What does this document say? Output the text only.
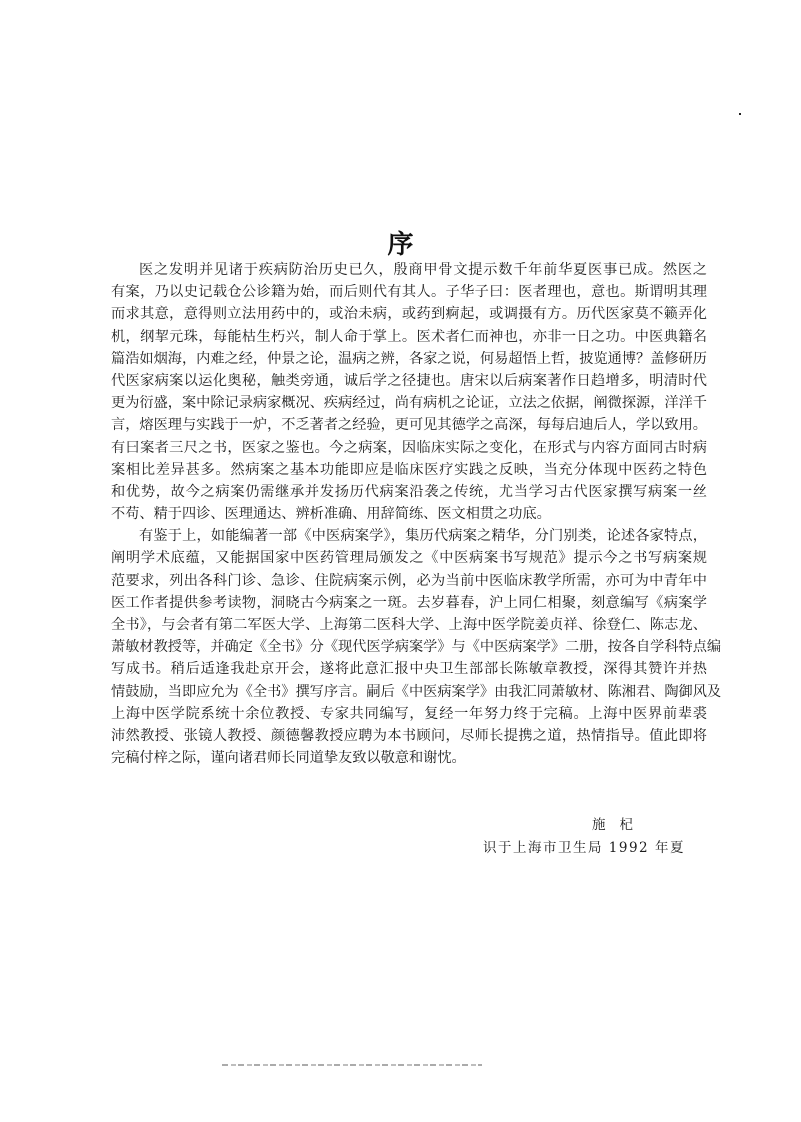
序
医之发明并见诸于疾病防治历史已久，殷商甲骨文提示数千年前华夏医事已成。然医之
有案，乃以史记载仓公诊籍为始，而后则代有其人。子华子曰：医者理也，意也。斯谓明其理
而求其意，意得则立法用药中的，或治未病，或药到痾起，或调摄有方。历代医家莫不籁弄化
机，纲挈元珠，每能枯生朽兴，制人命于掌上。医术者仁而神也，亦非一日之功。中医典籍名
篇浩如烟海，内难之经，仲景之论，温病之辨，各家之说，何易超悟上哲，披览通博？盖修研历
代医家病案以运化奥秘，触类旁通，诚后学之径捷也。唐宋以后病案著作日趋增多，明清时代
更为衍盛，案中除记录病家概况、疾病经过，尚有病机之论证，立法之依据，阐微探源，洋洋千
言，熔医理与实践于一炉，不乏著者之经验，更可见其德学之高深，每每启迪后人，学以致用。
有曰案者三尺之书，医家之鉴也。今之病案，因临床实际之变化，在形式与内容方面同古时病
案相比差异甚多。然病案之基本功能即应是临床医疗实践之反映，当充分体现中医药之特色
和优势，故今之病案仍需继承并发扬历代病案沿袭之传统，尤当学习古代医家撰写病案一丝
不苟、精于四诊、医理通达、辨析准确、用辞简练、医文相贯之功底。
有鉴于上，如能编著一部《中医病案学》，集历代病案之精华，分门别类，论述各家特点，
阐明学术底蕴，又能据国家中医药管理局颁发之《中医病案书写规范》提示今之书写病案规
范要求，列出各科门诊、急诊、住院病案示例，必为当前中医临床教学所需，亦可为中青年中
医工作者提供参考读物，洞晓古今病案之一斑。去岁暮春，沪上同仁相聚，刻意编写《病案学
全书》，与会者有第二军医大学、上海第二医科大学、上海中医学院姜贞祥、徐登仁、陈志龙、
萧敏材教授等，并确定《全书》分《现代医学病案学》与《中医病案学》二册，按各自学科特点编
写成书。稍后适逢我赴京开会，遂将此意汇报中央卫生部部长陈敏章教授，深得其赞许并热
情鼓励，当即应允为《全书》撰写序言。嗣后《中医病案学》由我汇同萧敏材、陈湘君、陶御风及
上海中医学院系统十余位教授、专家共同编写，复经一年努力终于完稿。上海中医界前辈裘
沛然教授、张镜人教授、颜德馨教授应聘为本书顾问，尽师长提携之道，热情指导。值此即将
完稿付梓之际，谨向诸君师长同道挚友致以敬意和谢忱。
施杞
识于上海市卫生局 1992 年夏
